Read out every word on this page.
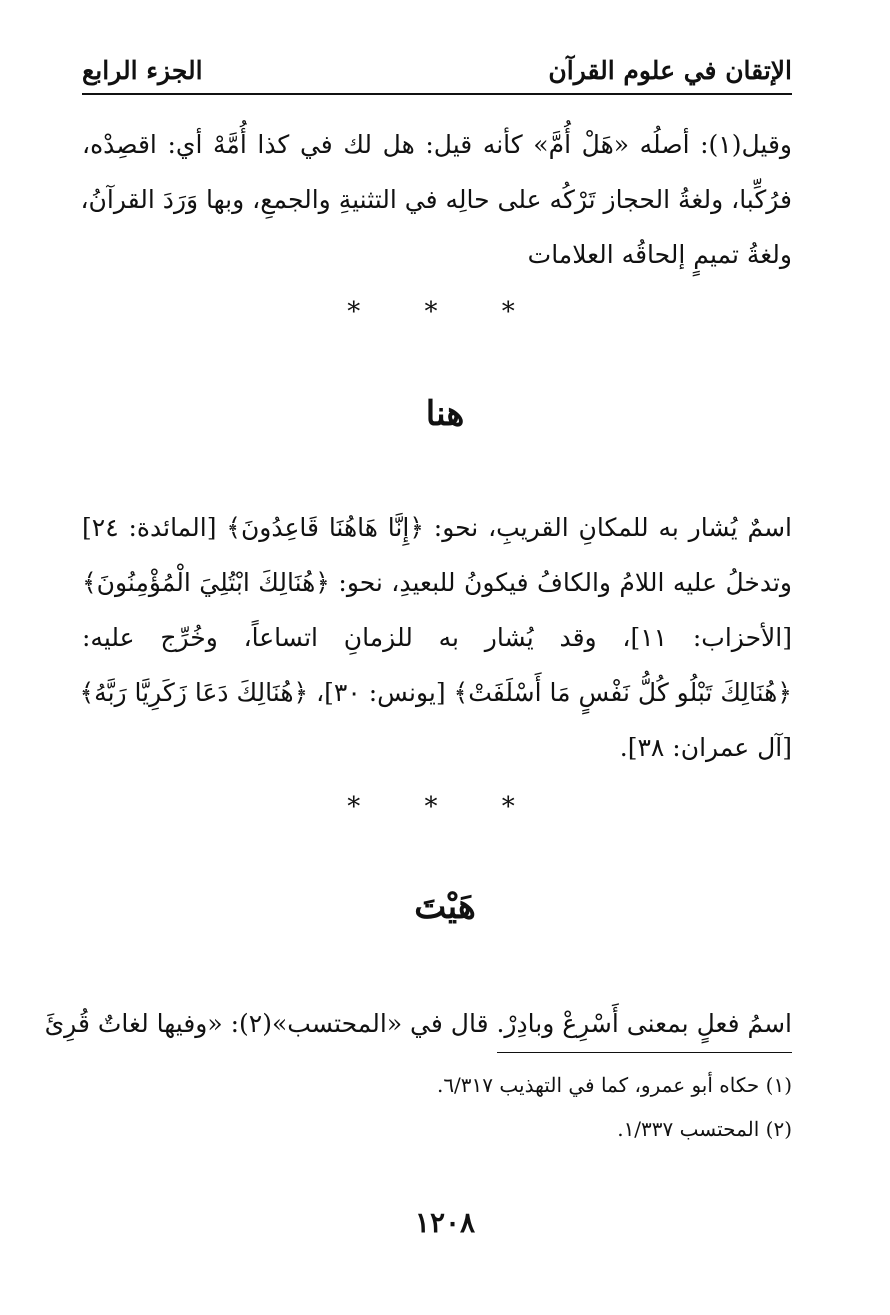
الإتقان في علوم القرآن
الجزء الرابع
وقيل(١): أصلُه «هَلْ أُمَّ» كأنه قيل: هل لك في كذا أُمَّهْ أي: اقصِدْه،
فرُكِّبا، ولغةُ الحجاز تَرْكُه على حالِه في التثنيةِ والجمعِ، وبها وَرَدَ القرآنُ،
ولغةُ تميمٍ إلحاقُه العلامات
* * *
هنا
اسمٌ يُشار به للمكانِ القريبِ، نحو: ﴿إِنَّا هَاهُنَا قَاعِدُونَ﴾ [المائدة: ٢٤]
وتدخلُ عليه اللامُ والكافُ فيكونُ للبعيدِ، نحو: ﴿هُنَالِكَ ابْتُلِيَ الْمُؤْمِنُونَ﴾
[الأحزاب: ١١]، وقد يُشار به للزمانِ اتساعاً، وخُرِّج عليه:
﴿هُنَالِكَ تَبْلُو كُلُّ نَفْسٍ مَا أَسْلَفَتْ﴾ [يونس: ٣٠]، ﴿هُنَالِكَ دَعَا زَكَرِيَّا رَبَّهُ﴾
[آل عمران: ٣٨].
* * *
هَيْتَ
اسمُ فعلٍ بمعنى أَسْرِعْ وبادِرْ. قال في «المحتسب»(٢): «وفيها لغاتٌ قُرِئَ
(١) حكاه أبو عمرو، كما في التهذيب ٦/٣١٧.
(٢) المحتسب ١/٣٣٧.
١٢٠٨
